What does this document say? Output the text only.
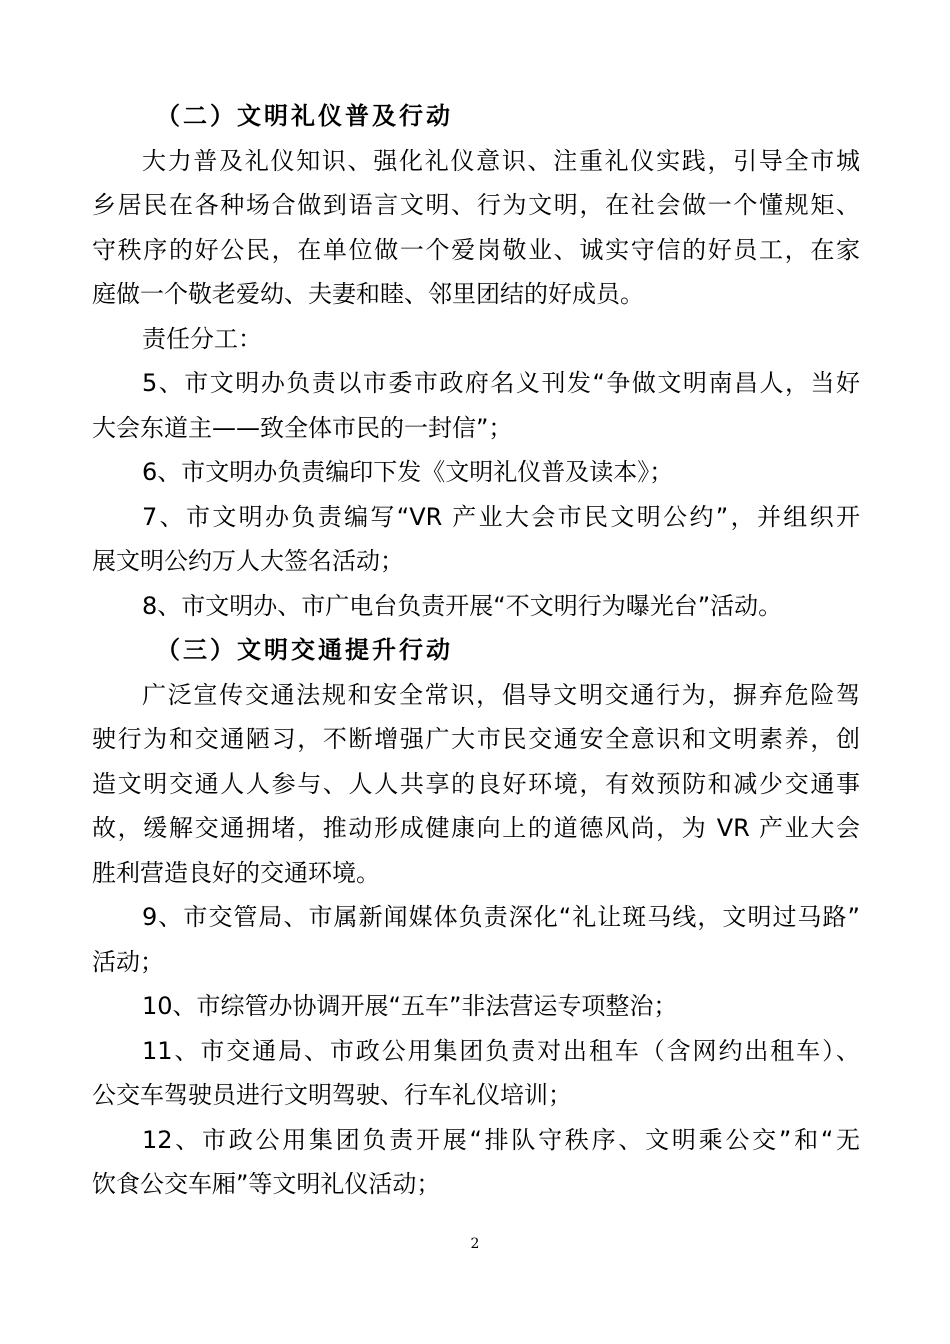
（二）文明礼仪普及行动
大力普及礼仪知识、强化礼仪意识、注重礼仪实践，引导全市城
乡居民在各种场合做到语言文明、行为文明，在社会做一个懂规矩、
守秩序的好公民，在单位做一个爱岗敬业、诚实守信的好员工，在家
庭做一个敬老爱幼、夫妻和睦、邻里团结的好成员。
责任分工：
5、市文明办负责以市委市政府名义刊发“争做文明南昌人，当好
大会东道主——致全体市民的一封信”；
6、市文明办负责编印下发《文明礼仪普及读本》；
7、市文明办负责编写“VR 产业大会市民文明公约”，并组织开
展文明公约万人大签名活动；
8、市文明办、市广电台负责开展“不文明行为曝光台”活动。
（三）文明交通提升行动
广泛宣传交通法规和安全常识，倡导文明交通行为，摒弃危险驾
驶行为和交通陋习，不断增强广大市民交通安全意识和文明素养，创
造文明交通人人参与、人人共享的良好环境，有效预防和减少交通事
故，缓解交通拥堵，推动形成健康向上的道德风尚，为 VR 产业大会
胜利营造良好的交通环境。
9、市交管局、市属新闻媒体负责深化“礼让斑马线，文明过马路”
活动；
10、市综管办协调开展“五车”非法营运专项整治；
11、市交通局、市政公用集团负责对出租车（含网约出租车）、
公交车驾驶员进行文明驾驶、行车礼仪培训；
12、市政公用集团负责开展“排队守秩序、文明乘公交”和“无
饮食公交车厢”等文明礼仪活动；
2
